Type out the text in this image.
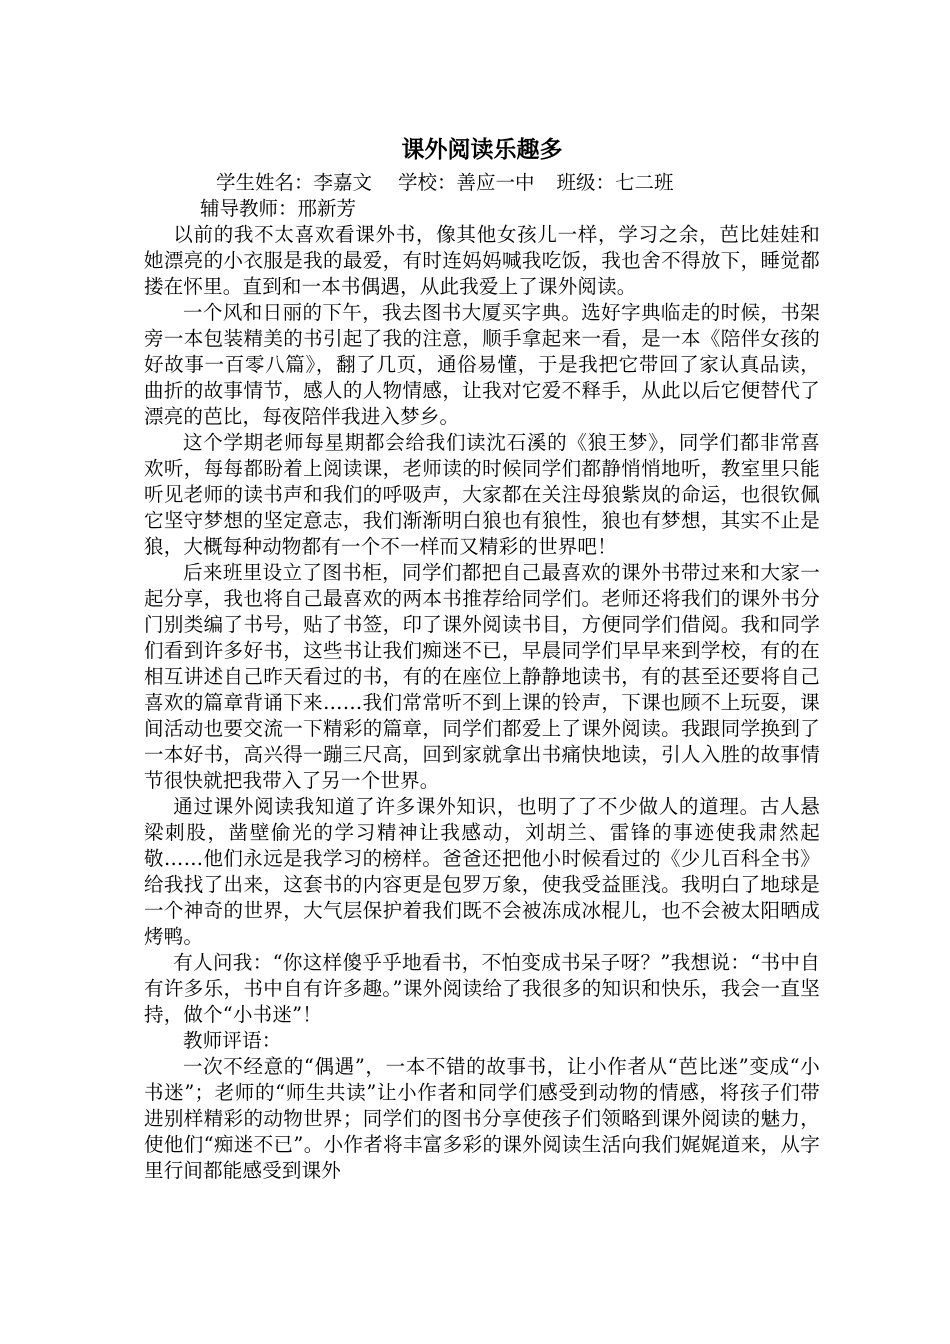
课外阅读乐趣多

学生姓名：李嘉文 学校：善应一中 班级：七二班

辅导教师：邢新芳

以前的我不太喜欢看课外书，像其他女孩儿一样，学习之余，芭比娃娃和她漂亮的小衣服是我的最爱，有时连妈妈喊我吃饭，我也舍不得放下，睡觉都搂在怀里。直到和一本书偶遇，从此我爱上了课外阅读。

一个风和日丽的下午，我去图书大厦买字典。选好字典临走的时候，书架旁一本包装精美的书引起了我的注意，顺手拿起来一看，是一本《陪伴女孩的好故事一百零八篇》，翻了几页，通俗易懂，于是我把它带回了家认真品读，曲折的故事情节，感人的人物情感，让我对它爱不释手，从此以后它便替代了漂亮的芭比，每夜陪伴我进入梦乡。

这个学期老师每星期都会给我们读沈石溪的《狼王梦》，同学们都非常喜欢听，每每都盼着上阅读课，老师读的时候同学们都静悄悄地听，教室里只能听见老师的读书声和我们的呼吸声，大家都在关注母狼紫岚的命运，也很钦佩它坚守梦想的坚定意志，我们渐渐明白狼也有狼性，狼也有梦想，其实不止是狼，大概每种动物都有一个不一样而又精彩的世界吧！

后来班里设立了图书柜，同学们都把自己最喜欢的课外书带过来和大家一起分享，我也将自己最喜欢的两本书推荐给同学们。老师还将我们的课外书分门别类编了书号，贴了书签，印了课外阅读书目，方便同学们借阅。我和同学们看到许多好书，这些书让我们痴迷不已，早晨同学们早早来到学校，有的在相互讲述自己昨天看过的书，有的在座位上静静地读书，有的甚至还要将自己喜欢的篇章背诵下来……我们常常听不到上课的铃声，下课也顾不上玩耍，课间活动也要交流一下精彩的篇章，同学们都爱上了课外阅读。我跟同学换到了一本好书，高兴得一蹦三尺高，回到家就拿出书痛快地读，引人入胜的故事情节很快就把我带入了另一个世界。

通过课外阅读我知道了许多课外知识，也明了了不少做人的道理。古人悬梁刺股，凿壁偷光的学习精神让我感动，刘胡兰、雷锋的事迹使我肃然起敬……他们永远是我学习的榜样。爸爸还把他小时候看过的《少儿百科全书》给我找了出来，这套书的内容更是包罗万象，使我受益匪浅。我明白了地球是一个神奇的世界，大气层保护着我们既不会被冻成冰棍儿，也不会被太阳晒成烤鸭。

有人问我：“你这样傻乎乎地看书，不怕变成书呆子呀？”我想说：“书中自有许多乐，书中自有许多趣。”课外阅读给了我很多的知识和快乐，我会一直坚持，做个“小书迷”！

教师评语：

一次不经意的“偶遇”，一本不错的故事书，让小作者从“芭比迷”变成“小书迷”；老师的“师生共读”让小作者和同学们感受到动物的情感，将孩子们带进别样精彩的动物世界；同学们的图书分享使孩子们领略到课外阅读的魅力，使他们“痴迷不已”。小作者将丰富多彩的课外阅读生活向我们娓娓道来，从字里行间都能感受到课外
